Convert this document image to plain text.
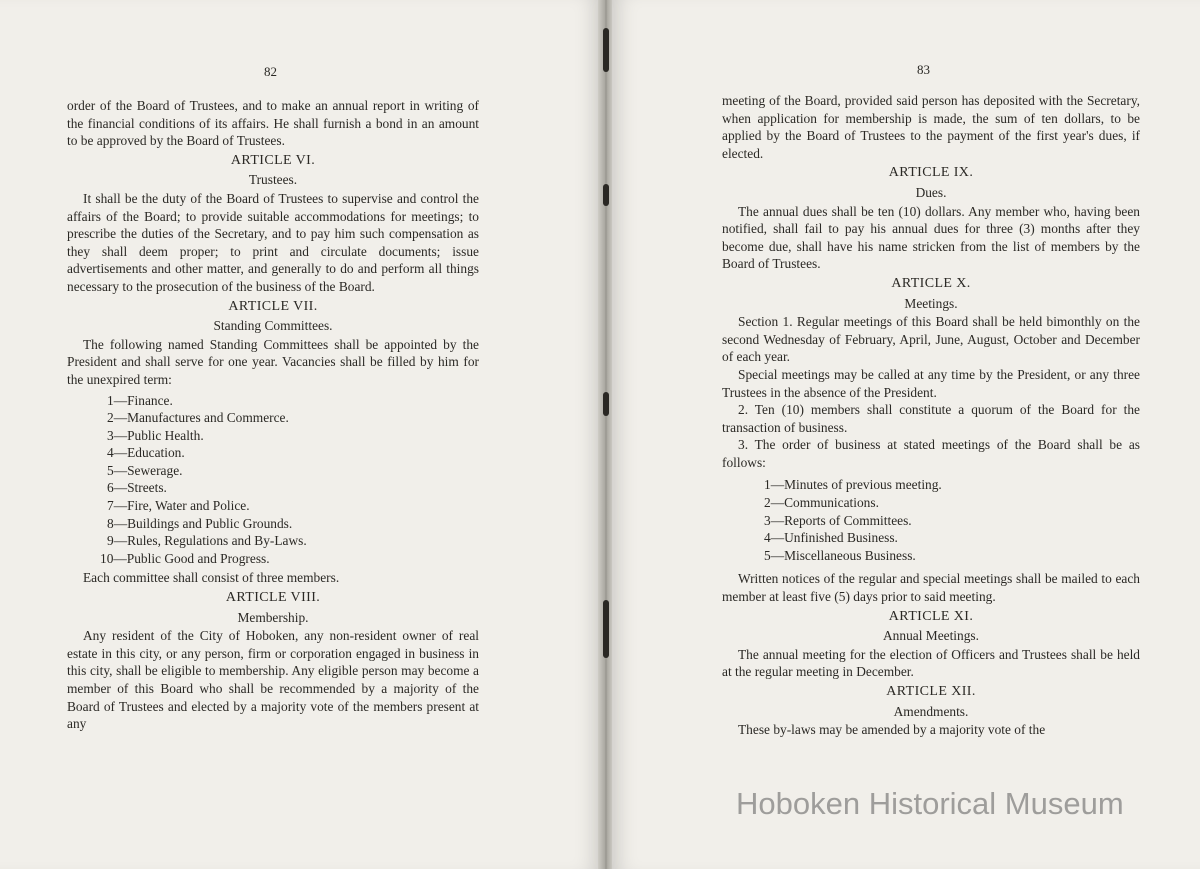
82

order of the Board of Trustees, and to make an annual report in writing of the financial conditions of its affairs. He shall furnish a bond in an amount to be approved by the Board of Trustees.

ARTICLE VI.
Trustees.

It shall be the duty of the Board of Trustees to supervise and control the affairs of the Board; to provide suitable accommodations for meetings; to prescribe the duties of the Secretary, and to pay him such compensation as they shall deem proper; to print and circulate documents; issue advertisements and other matter, and generally to do and perform all things necessary to the prosecution of the business of the Board.

ARTICLE VII.
Standing Committees.

The following named Standing Committees shall be appointed by the President and shall serve for one year. Vacancies shall be filled by him for the unexpired term:

1—Finance.
2—Manufactures and Commerce.
3—Public Health.
4—Education.
5—Sewerage.
6—Streets.
7—Fire, Water and Police.
8—Buildings and Public Grounds.
9—Rules, Regulations and By-Laws.
10—Public Good and Progress.

Each committee shall consist of three members.

ARTICLE VIII.
Membership.

Any resident of the City of Hoboken, any non-resident owner of real estate in this city, or any person, firm or corporation engaged in business in this city, shall be eligible to membership. Any eligible person may become a member of this Board who shall be recommended by a majority of the Board of Trustees and elected by a majority vote of the members present at any

83

meeting of the Board, provided said person has deposited with the Secretary, when application for membership is made, the sum of ten dollars, to be applied by the Board of Trustees to the payment of the first year's dues, if elected.

ARTICLE IX.
Dues.

The annual dues shall be ten (10) dollars. Any member who, having been notified, shall fail to pay his annual dues for three (3) months after they become due, shall have his name stricken from the list of members by the Board of Trustees.

ARTICLE X.
Meetings.

Section 1. Regular meetings of this Board shall be held bimonthly on the second Wednesday of February, April, June, August, October and December of each year.

Special meetings may be called at any time by the President, or any three Trustees in the absence of the President.

2. Ten (10) members shall constitute a quorum of the Board for the transaction of business.

3. The order of business at stated meetings of the Board shall be as follows:

1—Minutes of previous meeting.
2—Communications.
3—Reports of Committees.
4—Unfinished Business.
5—Miscellaneous Business.

Written notices of the regular and special meetings shall be mailed to each member at least five (5) days prior to said meeting.

ARTICLE XI.
Annual Meetings.

The annual meeting for the election of Officers and Trustees shall be held at the regular meeting in December.

ARTICLE XII.
Amendments.

These by-laws may be amended by a majority vote of the

Hoboken Historical Museum
